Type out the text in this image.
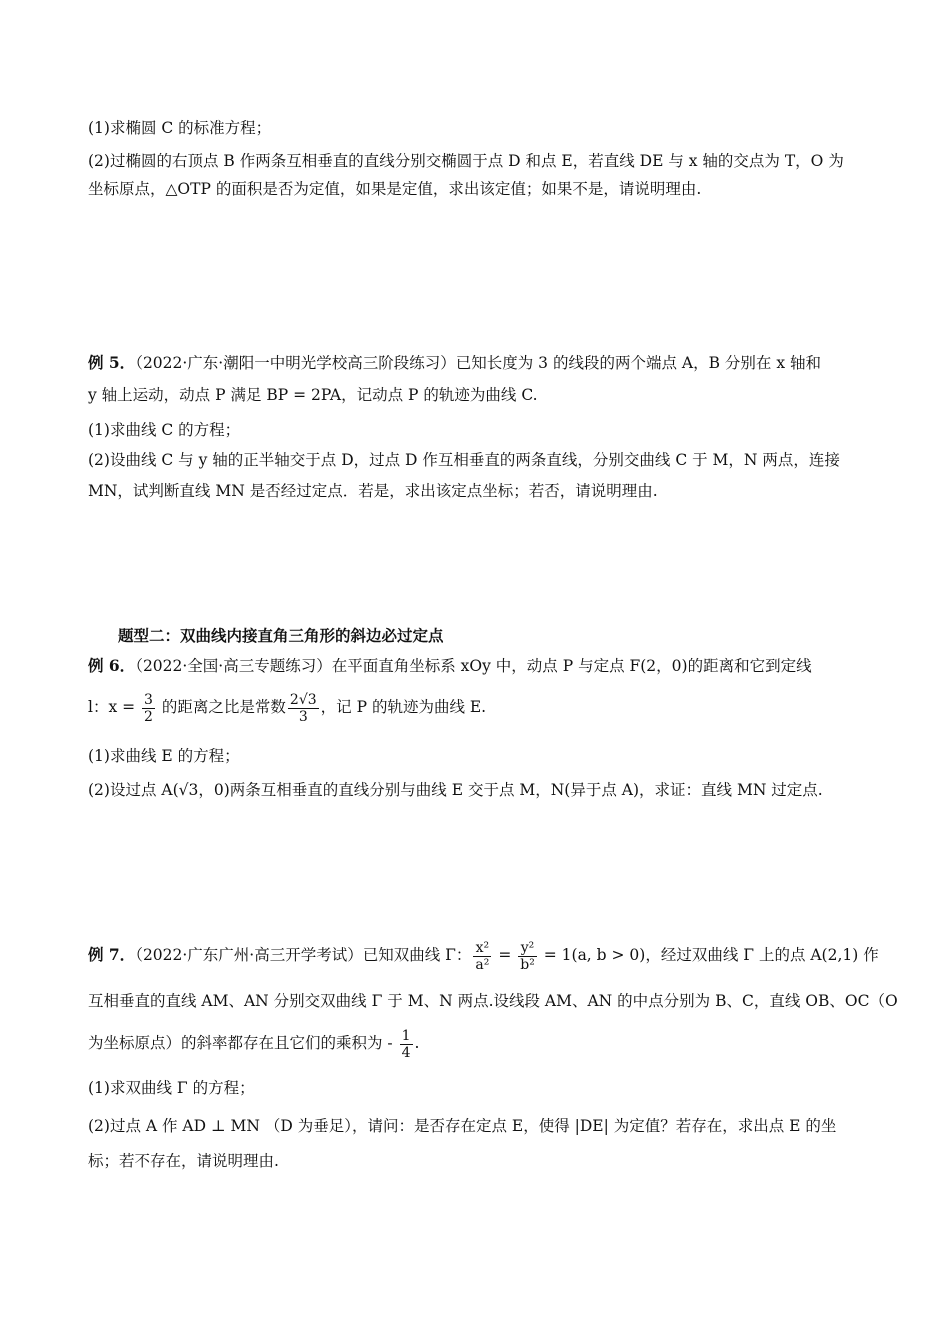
(1)求椭圆 C 的标准方程；
(2)过椭圆的右顶点 B 作两条互相垂直的直线分别交椭圆于点 D 和点 E，若直线 DE 与 x 轴的交点为 T，O 为
坐标原点，△OTP 的面积是否为定值，如果是定值，求出该定值；如果不是，请说明理由.
例 5．（2022·广东·潮阳一中明光学校高三阶段练习）已知长度为 3 的线段的两个端点 A，B 分别在 x 轴和
y 轴上运动，动点 P 满足 BP = 2PA，记动点 P 的轨迹为曲线 C.
(1)求曲线 C 的方程；
(2)设曲线 C 与 y 轴的正半轴交于点 D，过点 D 作互相垂直的两条直线，分别交曲线 C 于 M，N 两点，连接
MN，试判断直线 MN 是否经过定点．若是，求出该定点坐标；若否，请说明理由.
题型二：双曲线内接直角三角形的斜边必过定点
例 6．（2022·全国·高三专题练习）在平面直角坐标系 xOy 中，动点 P 与定点 F(2，0)的距离和它到定线
l：$x = \frac{3}{2}$ 的距离之比是常数 $\frac{2√3}{3}$ ，记 P 的轨迹为曲线 E.
(1)求曲线 E 的方程；
(2)设过点 A(√3，0)两条互相垂直的直线分别与曲线 E 交于点 M，N(异于点 A)，求证：直线 MN 过定点.
例 7．（2022·广东广州·高三开学考试）已知双曲线 Γ： $\frac{\text{x²}}{\text{a²}} = \frac{\text{y²}}{\text{b²}} = 1(a$, b > 0)，经过双曲线 Γ 上的点 A(2,1) 作
互相垂直的直线 AM、AN 分别交双曲线 Γ 于 M、N 两点.设线段 AM、AN 的中点分别为 B、C，直线 OB、OC（O
为坐标原点）的斜率都存在且它们的乘积为 - $\frac{1}{4}$ .
(1)求双曲线 Γ 的方程；
(2)过点 A 作 AD ⊥ MN （D 为垂足），请问：是否存在定点 E，使得 |DE| 为定值？若存在，求出点 E 的坐
标；若不存在，请说明理由.
